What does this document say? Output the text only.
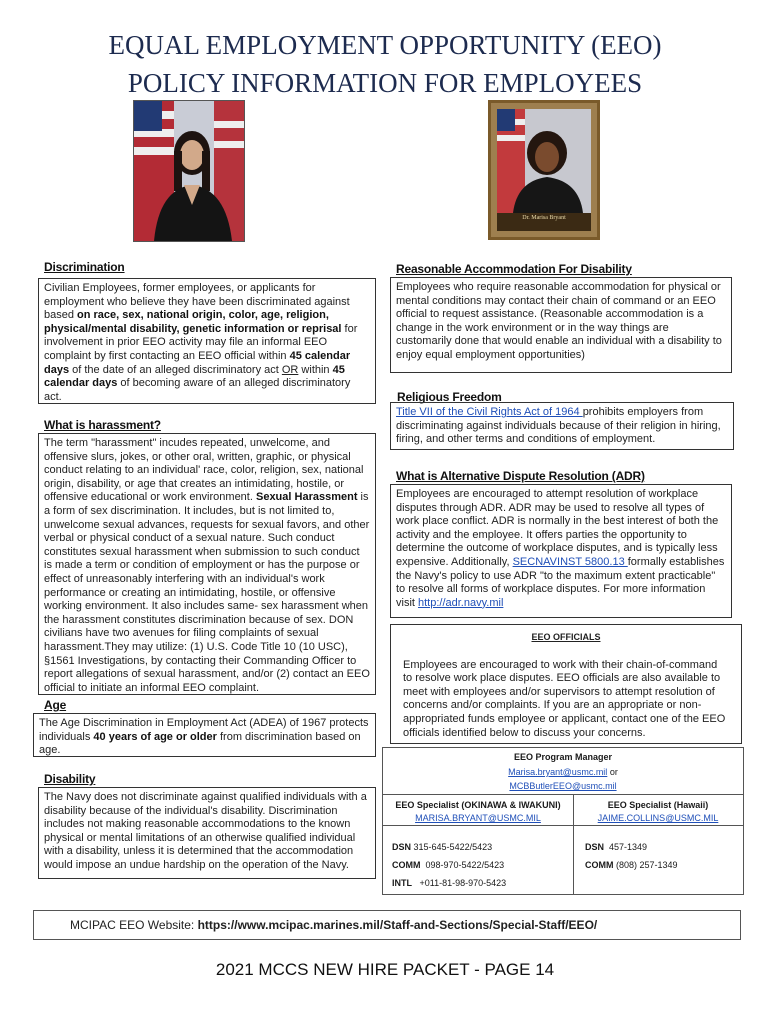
EQUAL EMPLOYMENT OPPORTUNITY (EEO)
POLICY INFORMATION FOR EMPLOYEES
Dr. Marisa Bryant
Discrimination
Civilian Employees, former employees, or applicants for employment who believe they have been discriminated against based on race, sex, national origin, color, age, religion, physical/mental disability, genetic information or reprisal for involvement in prior EEO activity may file an informal EEO complaint by first contacting an EEO official within 45 calendar days of the date of an alleged discriminatory act OR within 45 calendar days of becoming aware of an alleged discriminatory act.
What is harassment?
The term "harassment" incudes repeated, unwelcome, and offensive slurs, jokes, or other oral, written, graphic, or physical conduct relating to an individual' race, color, religion, sex, national origin, disability, or age that creates an intimidating, hostile, or offensive educational or work environment. Sexual Harassment is a form of sex discrimination. It includes, but is not limited to, unwelcome sexual advances, requests for sexual favors, and other verbal or physical conduct of a sexual nature. Such conduct constitutes sexual harassment when submission to such conduct is made a term or condition of employment or has the purpose or effect of unreasonably interfering with an individual's work performance or creating an intimidating, hostile, or offensive working environment. It also includes same- sex harassment when the harassment constitutes discrimination because of sex. DON civilians have two avenues for filing complaints of sexual harassment.They may utilize: (1) U.S. Code Title 10 (10 USC), §1561 Investigations, by contacting their Commanding Officer to report allegations of sexual harassment, and/or (2) contact an EEO official to initiate an informal EEO complaint.
Age
The Age Discrimination in Employment Act (ADEA) of 1967 protects individuals 40 years of age or older from discrimination based on age.
Disability
The Navy does not discriminate against qualified individuals with a disability because of the individual's disability. Discrimination includes not making reasonable accommodations to the known physical or mental limitations of an otherwise qualified individual with a disability, unless it is determined that the accommodation would impose an undue hardship on the operation of the Navy.
Reasonable Accommodation For Disability
Employees who require reasonable accommodation for physical or mental conditions may contact their chain of command or an EEO official to request assistance. (Reasonable accommodation is a change in the work environment or in the way things are customarily done that would enable an individual with a disability to enjoy equal employment opportunities)
Religious Freedom
Title VII of the Civil Rights Act of 1964 prohibits employers from discriminating against individuals because of their religion in hiring, firing, and other terms and conditions of employment.
What is Alternative Dispute Resolution (ADR)
Employees are encouraged to attempt resolution of workplace disputes through ADR. ADR may be used to resolve all types of work place conflict. ADR is normally in the best interest of both the activity and the employee. It offers parties the opportunity to determine the outcome of workplace disputes, and is typically less expensive. Additionally, SECNAVINST 5800.13 formally establishes the Navy's policy to use ADR "to the maximum extent practicable" to resolve all forms of workplace disputes. For more information visit http://adr.navy.mil
EEO OFFICIALS
Employees are encouraged to work with their chain-of-command to resolve work place disputes. EEO officials are also available to meet with employees and/or supervisors to attempt resolution of concerns and/or complaints. If you are an appropriate or non-appropriated funds employee or applicant, contact one of the EEO officials identified below to discuss your concerns.
EEO Program Manager
Marisa.bryant@usmc.mil or
MCBButlerEEO@usmc.mil
EEO Specialist (OKINAWA & IWAKUNI)
MARISA.BRYANT@USMC.MIL
EEO Specialist (Hawaii)
JAIME.COLLINS@USMC.MIL
DSN 315-645-5422/5423
COMM 098-970-5422/5423
INTL +011-81-98-970-5423
DSN 457-1349
COMM (808) 257-1349
MCIPAC EEO Website: https://www.mcipac.marines.mil/Staff-and-Sections/Special-Staff/EEO/
2021 MCCS NEW HIRE PACKET - PAGE 14
